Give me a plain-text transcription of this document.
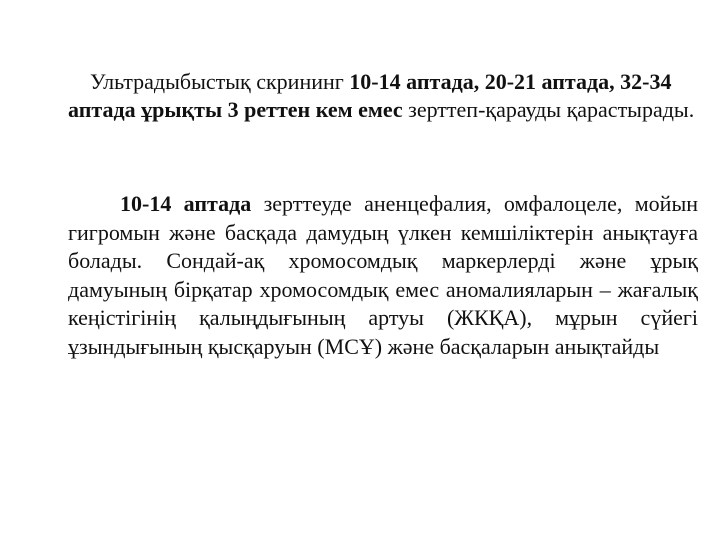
Ультрадыбыстық скрининг 10-14 аптада, 20-21 аптада, 32-34 аптада ұрықты 3 реттен кем емес зерттеп-қарауды қарастырады.

10-14 аптада зерттеуде аненцефалия, омфалоцеле, мойын гигромын және басқада дамудың үлкен кемшіліктерін анықтауға болады. Сондай-ақ хромосомдық маркерлерді және ұрық дамуының бірқатар хромосомдық емес аномалияларын – жағалық кеңістігінің қалыңдығының артуы (ЖКҚА), мұрын сүйегі ұзындығының қысқаруын (МСҰ) және басқаларын анықтайды
